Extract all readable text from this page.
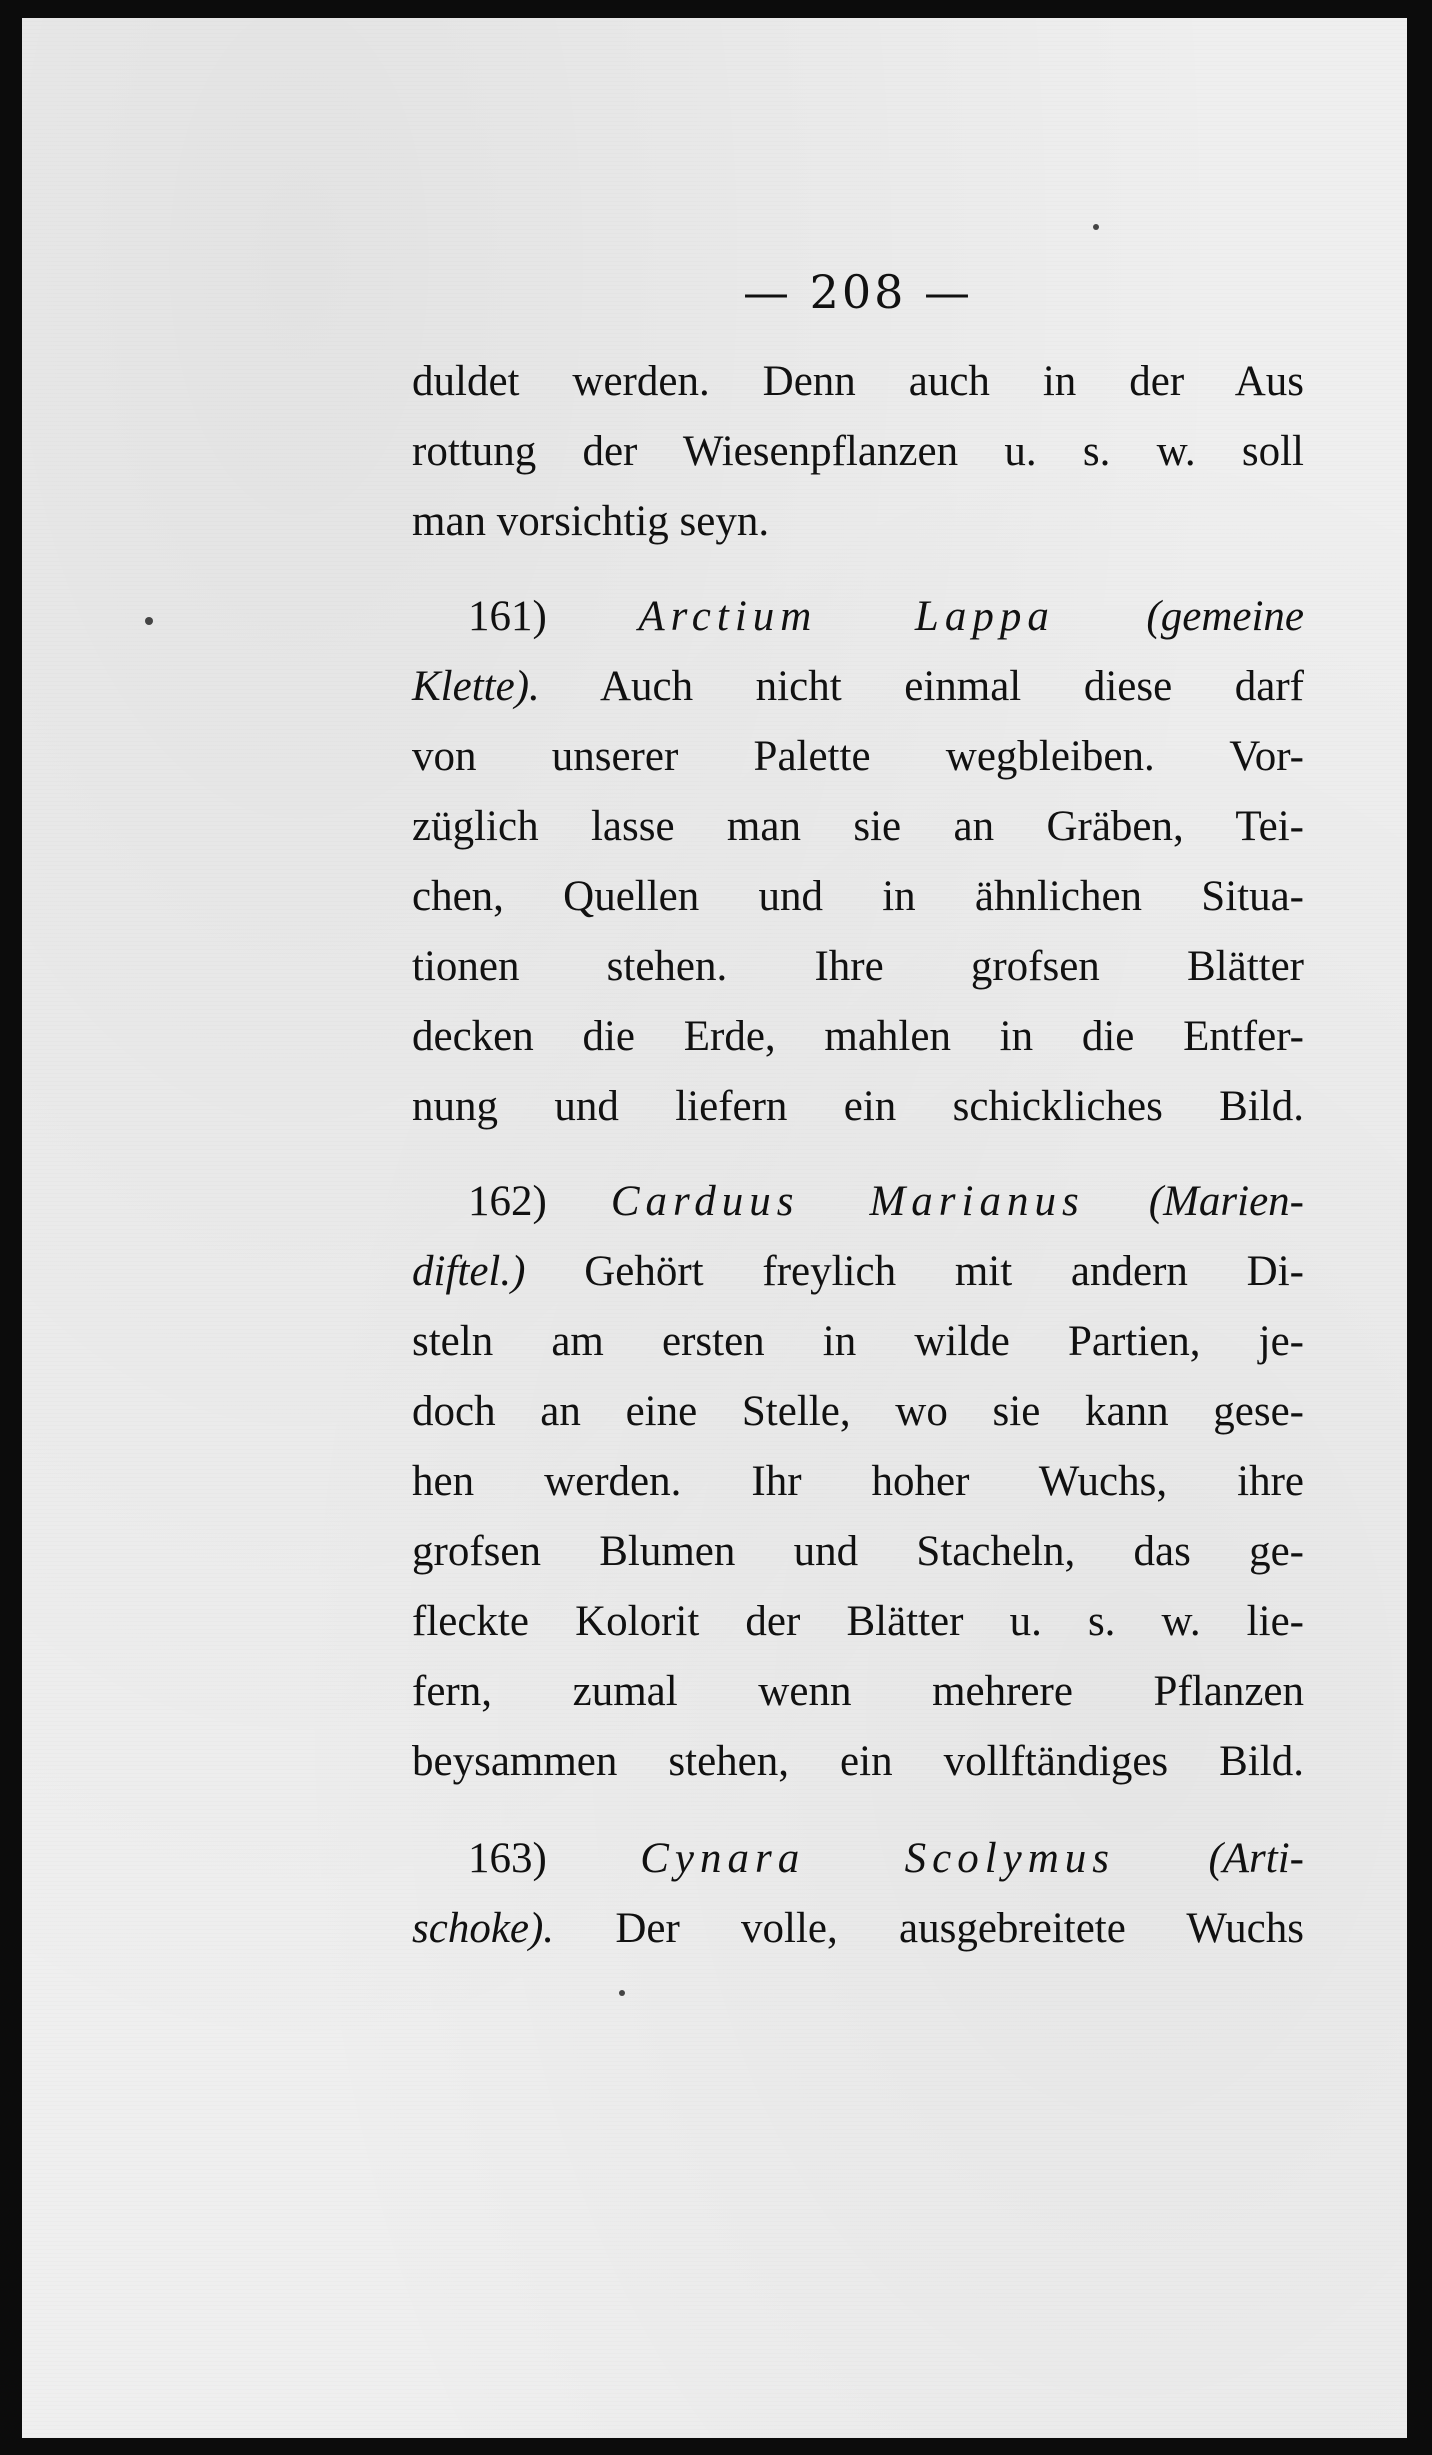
— 208 —
duldet werden. Denn auch in der Aus
rottung der Wiesenpflanzen u. s. w. soll
man vorsichtig seyn.
161) Arctium Lappa (gemeine
Klette). Auch nicht einmal diese darf
von unserer Palette wegbleiben. Vor-
züglich lasse man sie an Gräben, Tei-
chen, Quellen und in ähnlichen Situa-
tionen stehen. Ihre grofsen Blätter
decken die Erde, mahlen in die Entfer-
nung und liefern ein schickliches Bild.
162) Carduus Marianus (Marien-
diftel.) Gehört freylich mit andern Di-
steln am ersten in wilde Partien, je-
doch an eine Stelle, wo sie kann gese-
hen werden. Ihr hoher Wuchs, ihre
grofsen Blumen und Stacheln, das ge-
fleckte Kolorit der Blätter u. s. w. lie-
fern, zumal wenn mehrere Pflanzen
beysammen stehen, ein vollftändiges Bild.
163) Cynara Scolymus (Arti-
schoke). Der volle, ausgebreitete Wuchs
